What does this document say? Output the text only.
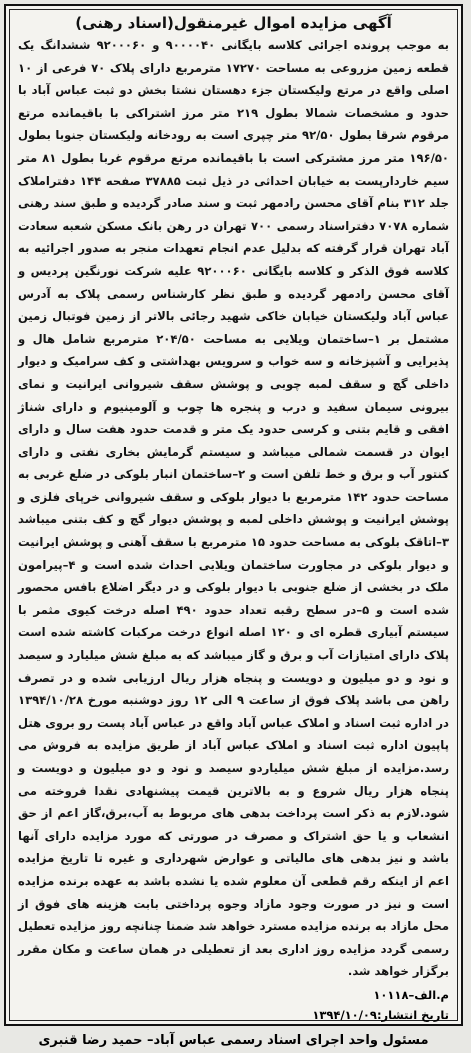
آگهی مزایده اموال غیرمنقول(اسناد رهنی)

به موجب پرونده اجرائی کلاسه بایگانی ۹۰۰۰۰۴۰ و ۹۲۰۰۰۶۰ ششدانگ یک قطعه زمین مزروعی به مساحت ۱۷۲۷۰ مترمربع دارای پلاک ۷۰ فرعی از ۱۰ اصلی واقع در مرتع ولیکستان جزء دهستان نشتا بخش دو ثبت عباس آباد با حدود و مشخصات شمالا بطول ۲۱۹ متر مرز اشتراکی با باقیمانده مرتع مرقوم شرقا بطول ۹۲/۵۰ متر چپری است به رودخانه ولیکستان جنوبا بطول ۱۹۶/۵۰ متر مرز مشترکی است با باقیمانده مرتع مرقوم غربا بطول ۸۱ متر سیم خاردارپست به خیابان احداثی در ذیل ثبت ۳۷۸۸۵ صفحه ۱۴۴ دفتراملاک جلد ۳۱۲ بنام آقای محسن رادمهر ثبت و سند صادر گردیده و طبق سند رهنی شماره ۷۰۷۸ دفتراسناد رسمی ۷۰۰ تهران در رهن بانک مسکن شعبه سعادت آباد تهران قرار گرفته که بدلیل عدم انجام تعهدات منجر به صدور اجرائیه به کلاسه فوق الذکر و کلاسه بایگانی ۹۲۰۰۰۶۰ علیه شرکت نورنگین پردیس و آقای محسن رادمهر گردیده و طبق نظر کارشناس رسمی پلاک به آدرس عباس آباد ولیکستان خیابان خاکی شهید رجائی بالاتر از زمین فوتبال زمین مشتمل بر ۱–ساختمان ویلایی به مساحت ۲۰۴/۵۰ مترمربع شامل هال و پذیرایی و آشپزخانه و سه خواب و سرویس بهداشتی و کف سرامیک و دیوار داخلی گچ و سقف لمبه چوبی و پوشش سقف شیروانی ایرانیت و نمای بیرونی سیمان سفید و درب و پنجره ها چوب و آلومینیوم و دارای شناژ افقی و قایم بتنی و کرسی حدود یک متر و قدمت حدود هفت سال و دارای ایوان در قسمت شمالی میباشد و سیستم گرمایش بخاری نفتی و دارای کنتور آب و برق و خط تلفن است و ۲–ساختمان انبار بلوکی در ضلع غربی به مساحت حدود ۱۴۲ مترمربع با دیوار بلوکی و سقف شیروانی خرپای فلزی و پوشش ایرانیت و پوشش داخلی لمبه و پوشش دیوار گچ و کف بتنی میباشد ۳–اتاقک بلوکی به مساحت حدود ۱۵ مترمربع با سقف آهنی و پوشش ایرانیت و دیوار بلوکی در مجاورت ساختمان ویلایی احداث شده است و ۴–پیرامون ملک در بخشی از ضلع جنوبی با دیوار بلوکی و در دیگر اضلاع بافس محصور شده است و ۵–در سطح رقبه تعداد حدود ۴۹۰ اصله درخت کیوی مثمر با سیستم آبیاری قطره ای و ۱۲۰ اصله انواع درخت مرکبات کاشته شده است پلاک دارای امتیازات آب و برق و گاز میباشد که به مبلغ شش میلیارد و سیصد و نود و دو میلیون و دویست و پنجاه هزار ریال ارزیابی شده و در تصرف راهن می باشد پلاک فوق از ساعت ۹ الی ۱۲ روز دوشنبه مورخ ۱۳۹۴/۱۰/۲۸ در اداره ثبت اسناد و املاک عباس آباد واقع در عباس آباد پست رو بروی هتل پاپیون اداره ثبت اسناد و املاک عباس آباد از طریق مزایده به فروش می رسد.مزایده از مبلغ شش میلیاردو سیصد و نود و دو میلیون و دویست و پنجاه هزار ریال شروع و به بالاترین قیمت پیشنهادی نقدا فروخته می شود.لازم به ذکر است پرداخت بدهی های مربوط به آب،برق،گاز اعم از حق انشعاب و یا حق اشتراک و مصرف در صورتی که مورد مزایده دارای آنها باشد و نیز بدهی های مالیاتی و عوارض شهرداری و غیره تا تاریخ مزایده اعم از اینکه رقم قطعی آن معلوم شده یا نشده باشد به عهده برنده مزایده است و نیز در صورت وجود مازاد وجوه پرداختی بابت هزینه های فوق از محل مازاد به برنده مزایده مسترد خواهد شد ضمنا چنانچه روز مزایده تعطیل رسمی گردد مزایده روز اداری بعد از تعطیلی در همان ساعت و مکان مقرر برگزار خواهد شد.

م.الف–۱۰۱۱۸
تاریخ انتشار:۱۳۹۴/۱۰/۰۹
مسئول واحد اجرای اسناد رسمی عباس آباد– حمید رضا قنبری
